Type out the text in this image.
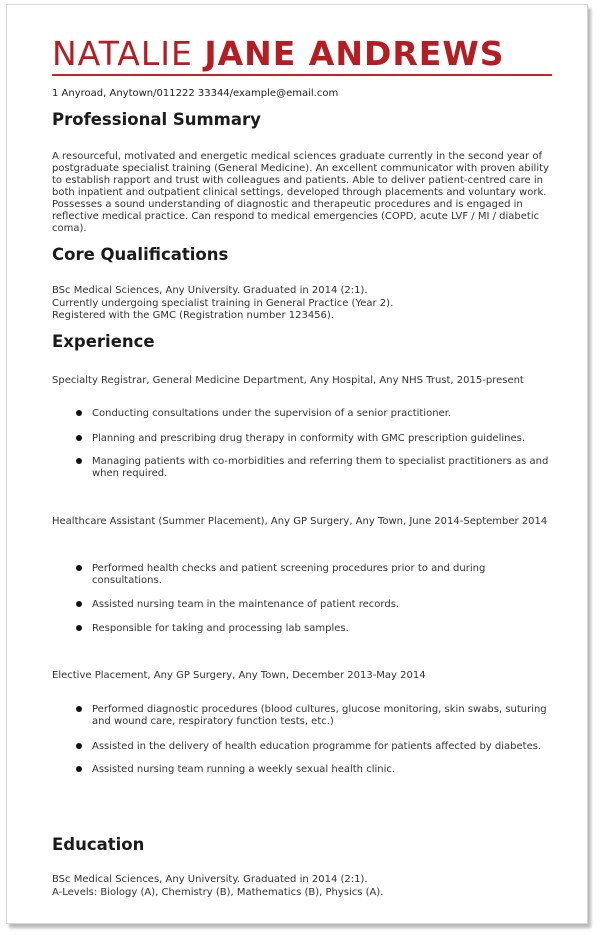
NATALIE JANE ANDREWS
1 Anyroad, Anytown/011222 33344/example@email.com
Professional Summary

A resourceful, motivated and energetic medical sciences graduate currently in the second year of postgraduate specialist training (General Medicine). An excellent communicator with proven ability to establish rapport and trust with colleagues and patients. Able to deliver patient-centred care in both inpatient and outpatient clinical settings, developed through placements and voluntary work. Possesses a sound understanding of diagnostic and therapeutic procedures and is engaged in reflective medical practice. Can respond to medical emergencies (COPD, acute LVF / MI / diabetic coma).

Core Qualifications
BSc Medical Sciences, Any University. Graduated in 2014 (2:1).
Currently undergoing specialist training in General Practice (Year 2).
Registered with the GMC (Registration number 123456).
Experience
Specialty Registrar, General Medicine Department, Any Hospital, Any NHS Trust, 2015-present
Conducting consultations under the supervision of a senior practitioner.
Planning and prescribing drug therapy in conformity with GMC prescription guidelines.
Managing patients with co-morbidities and referring them to specialist practitioners as and when required.
Healthcare Assistant (Summer Placement), Any GP Surgery, Any Town, June 2014-September 2014
Performed health checks and patient screening procedures prior to and during consultations.
Assisted nursing team in the maintenance of patient records.
Responsible for taking and processing lab samples.
Elective Placement, Any GP Surgery, Any Town, December 2013-May 2014
Performed diagnostic procedures (blood cultures, glucose monitoring, skin swabs, suturing and wound care, respiratory function tests, etc.)
Assisted in the delivery of health education programme for patients affected by diabetes.
Assisted nursing team running a weekly sexual health clinic.
Education
BSc Medical Sciences, Any University. Graduated in 2014 (2:1).
A-Levels: Biology (A), Chemistry (B), Mathematics (B), Physics (A).
